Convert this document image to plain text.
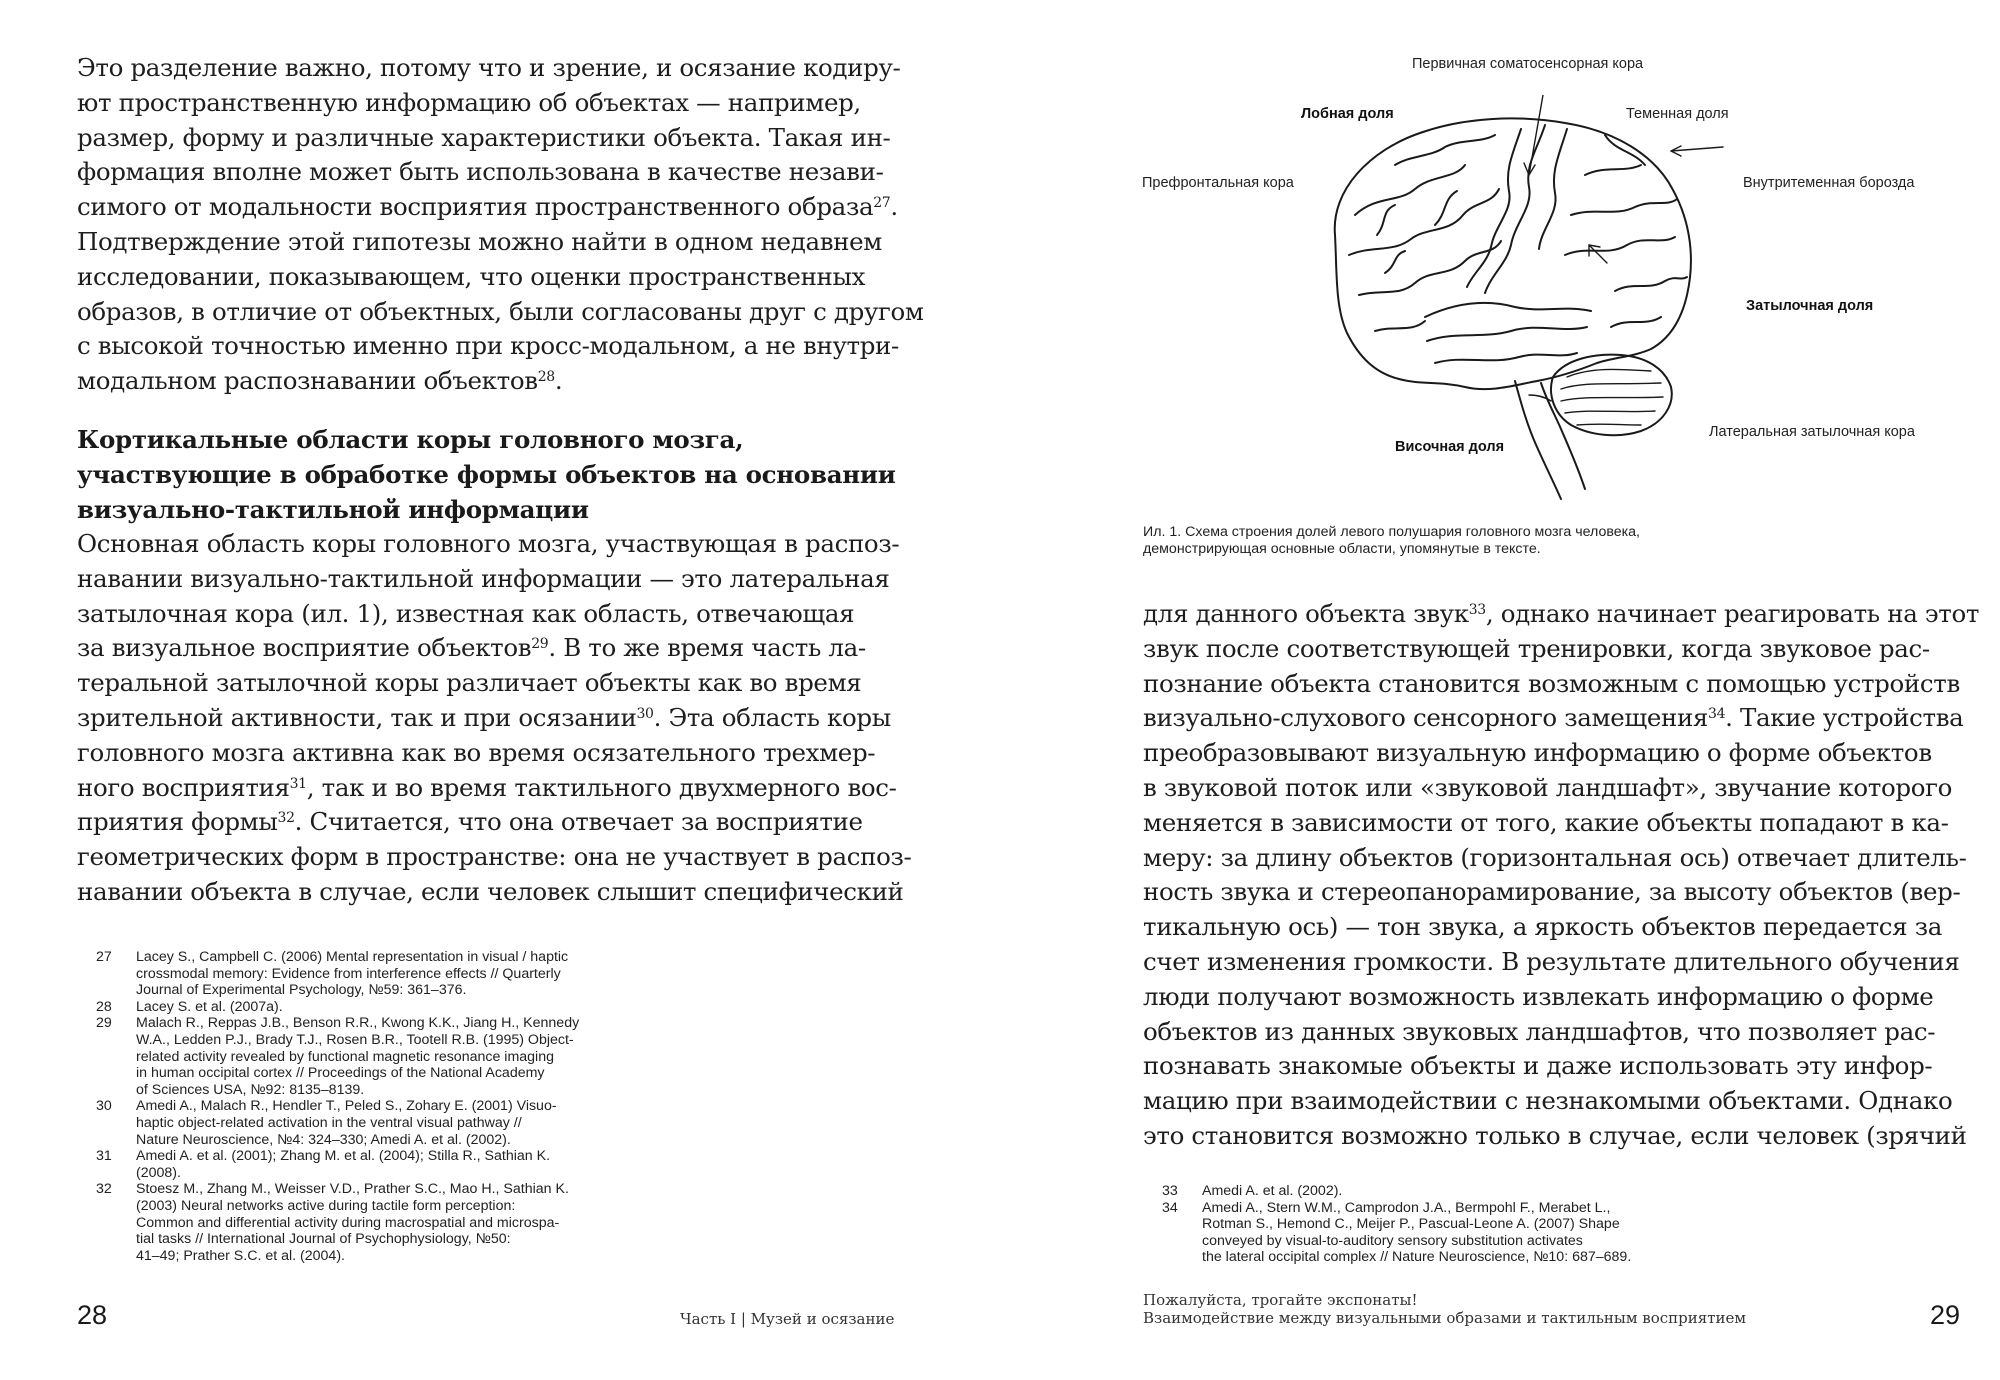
Это разделение важно, потому что и зрение, и осязание кодиру-
ют пространственную информацию об объектах — например,
размер, форму и различные характеристики объекта. Такая ин-
формация вполне может быть использована в качестве незави-
симого от модальности восприятия пространственного образа$^{27}$.
Подтверждение этой гипотезы можно найти в одном недавнем
исследовании, показывающем, что оценки пространственных
образов, в отличие от объектных, были согласованы друг с другом
с высокой точностью именно при кросс-модальном, а не внутри-
модальном распознавании объектов$^{28}$.
Кортикальные области коры головного мозга,
участвующие в обработке формы объектов на основании
визуально-тактильной информации
Основная область коры головного мозга, участвующая в распоз-
навании визуально-тактильной информации — это латеральная
затылочная кора (ил. 1), известная как область, отвечающая
за визуальное восприятие объектов$^{29}$. В то же время часть ла-
теральной затылочной коры различает объекты как во время
зрительной активности, так и при осязании$^{30}$. Эта область коры
головного мозга активна как во время осязательного трехмер-
ного восприятия$^{31}$, так и во время тактильного двухмерного вос-
приятия формы$^{32}$. Считается, что она отвечает за восприятие
геометрических форм в пространстве: она не участвует в распоз-
навании объекта в случае, если человек слышит специфический
27 Lacey S., Campbell C. (2006) Mental representation in visual / haptic
crossmodal memory: Evidence from interference effects // Quarterly
Journal of Experimental Psychology, №59: 361–376.
28 Lacey S. et al. (2007a).
29 Malach R., Reppas J.B., Benson R.R., Kwong K.K., Jiang H., Kennedy
W.A., Ledden P.J., Brady T.J., Rosen B.R., Tootell R.B. (1995) Object-
related activity revealed by functional magnetic resonance imaging
in human occipital cortex // Proceedings of the National Academy
of Sciences USA, №92: 8135–8139.
30 Amedi A., Malach R., Hendler T., Peled S., Zohary E. (2001) Visuo-
haptic object-related activation in the ventral visual pathway //
Nature Neuroscience, №4: 324–330; Amedi A. et al. (2002).
31 Amedi A. et al. (2001); Zhang M. et al. (2004); Stilla R., Sathian K.
(2008).
32 Stoesz M., Zhang M., Weisser V.D., Prather S.C., Mao H., Sathian K.
(2003) Neural networks active during tactile form perception:
Common and differential activity during macrospatial and microspa-
tial tasks // International Journal of Psychophysiology, №50:
41–49; Prather S.C. et al. (2004).
28	Часть I | Музей и осязание
Первичная соматосенсорная кора
Лобная доля	Теменная доля
Префронтальная кора	Внутритеменная борозда
Затылочная доля
Латеральная затылочная кора
Височная доля
Ил. 1. Схема строения долей левого полушария головного мозга человека,
демонстрирующая основные области, упомянутые в тексте.
для данного объекта звук$^{33}$, однако начинает реагировать на этот
звук после соответствующей тренировки, когда звуковое рас-
познание объекта становится возможным с помощью устройств
визуально-слухового сенсорного замещения$^{34}$. Такие устройства
преобразовывают визуальную информацию о форме объектов
в звуковой поток или «звуковой ландшафт», звучание которого
меняется в зависимости от того, какие объекты попадают в ка-
меру: за длину объектов (горизонтальная ось) отвечает длитель-
ность звука и стереопанорамирование, за высоту объектов (вер-
тикальную ось) — тон звука, а яркость объектов передается за
счет изменения громкости. В результате длительного обучения
люди получают возможность извлекать информацию о форме
объектов из данных звуковых ландшафтов, что позволяет рас-
познавать знакомые объекты и даже использовать эту инфор-
мацию при взаимодействии с незнакомыми объектами. Однако
это становится возможно только в случае, если человек (зрячий
33 Amedi A. et al. (2002).
34 Amedi A., Stern W.M., Camprodon J.A., Bermpohl F., Merabet L.,
Rotman S., Hemond C., Meijer P., Pascual-Leone A. (2007) Shape
conveyed by visual-to-auditory sensory substitution activates
the lateral occipital complex // Nature Neuroscience, №10: 687–689.
Пожалуйста, трогайте экспонаты!
Взаимодействие между визуальными образами и тактильным восприятием	29
